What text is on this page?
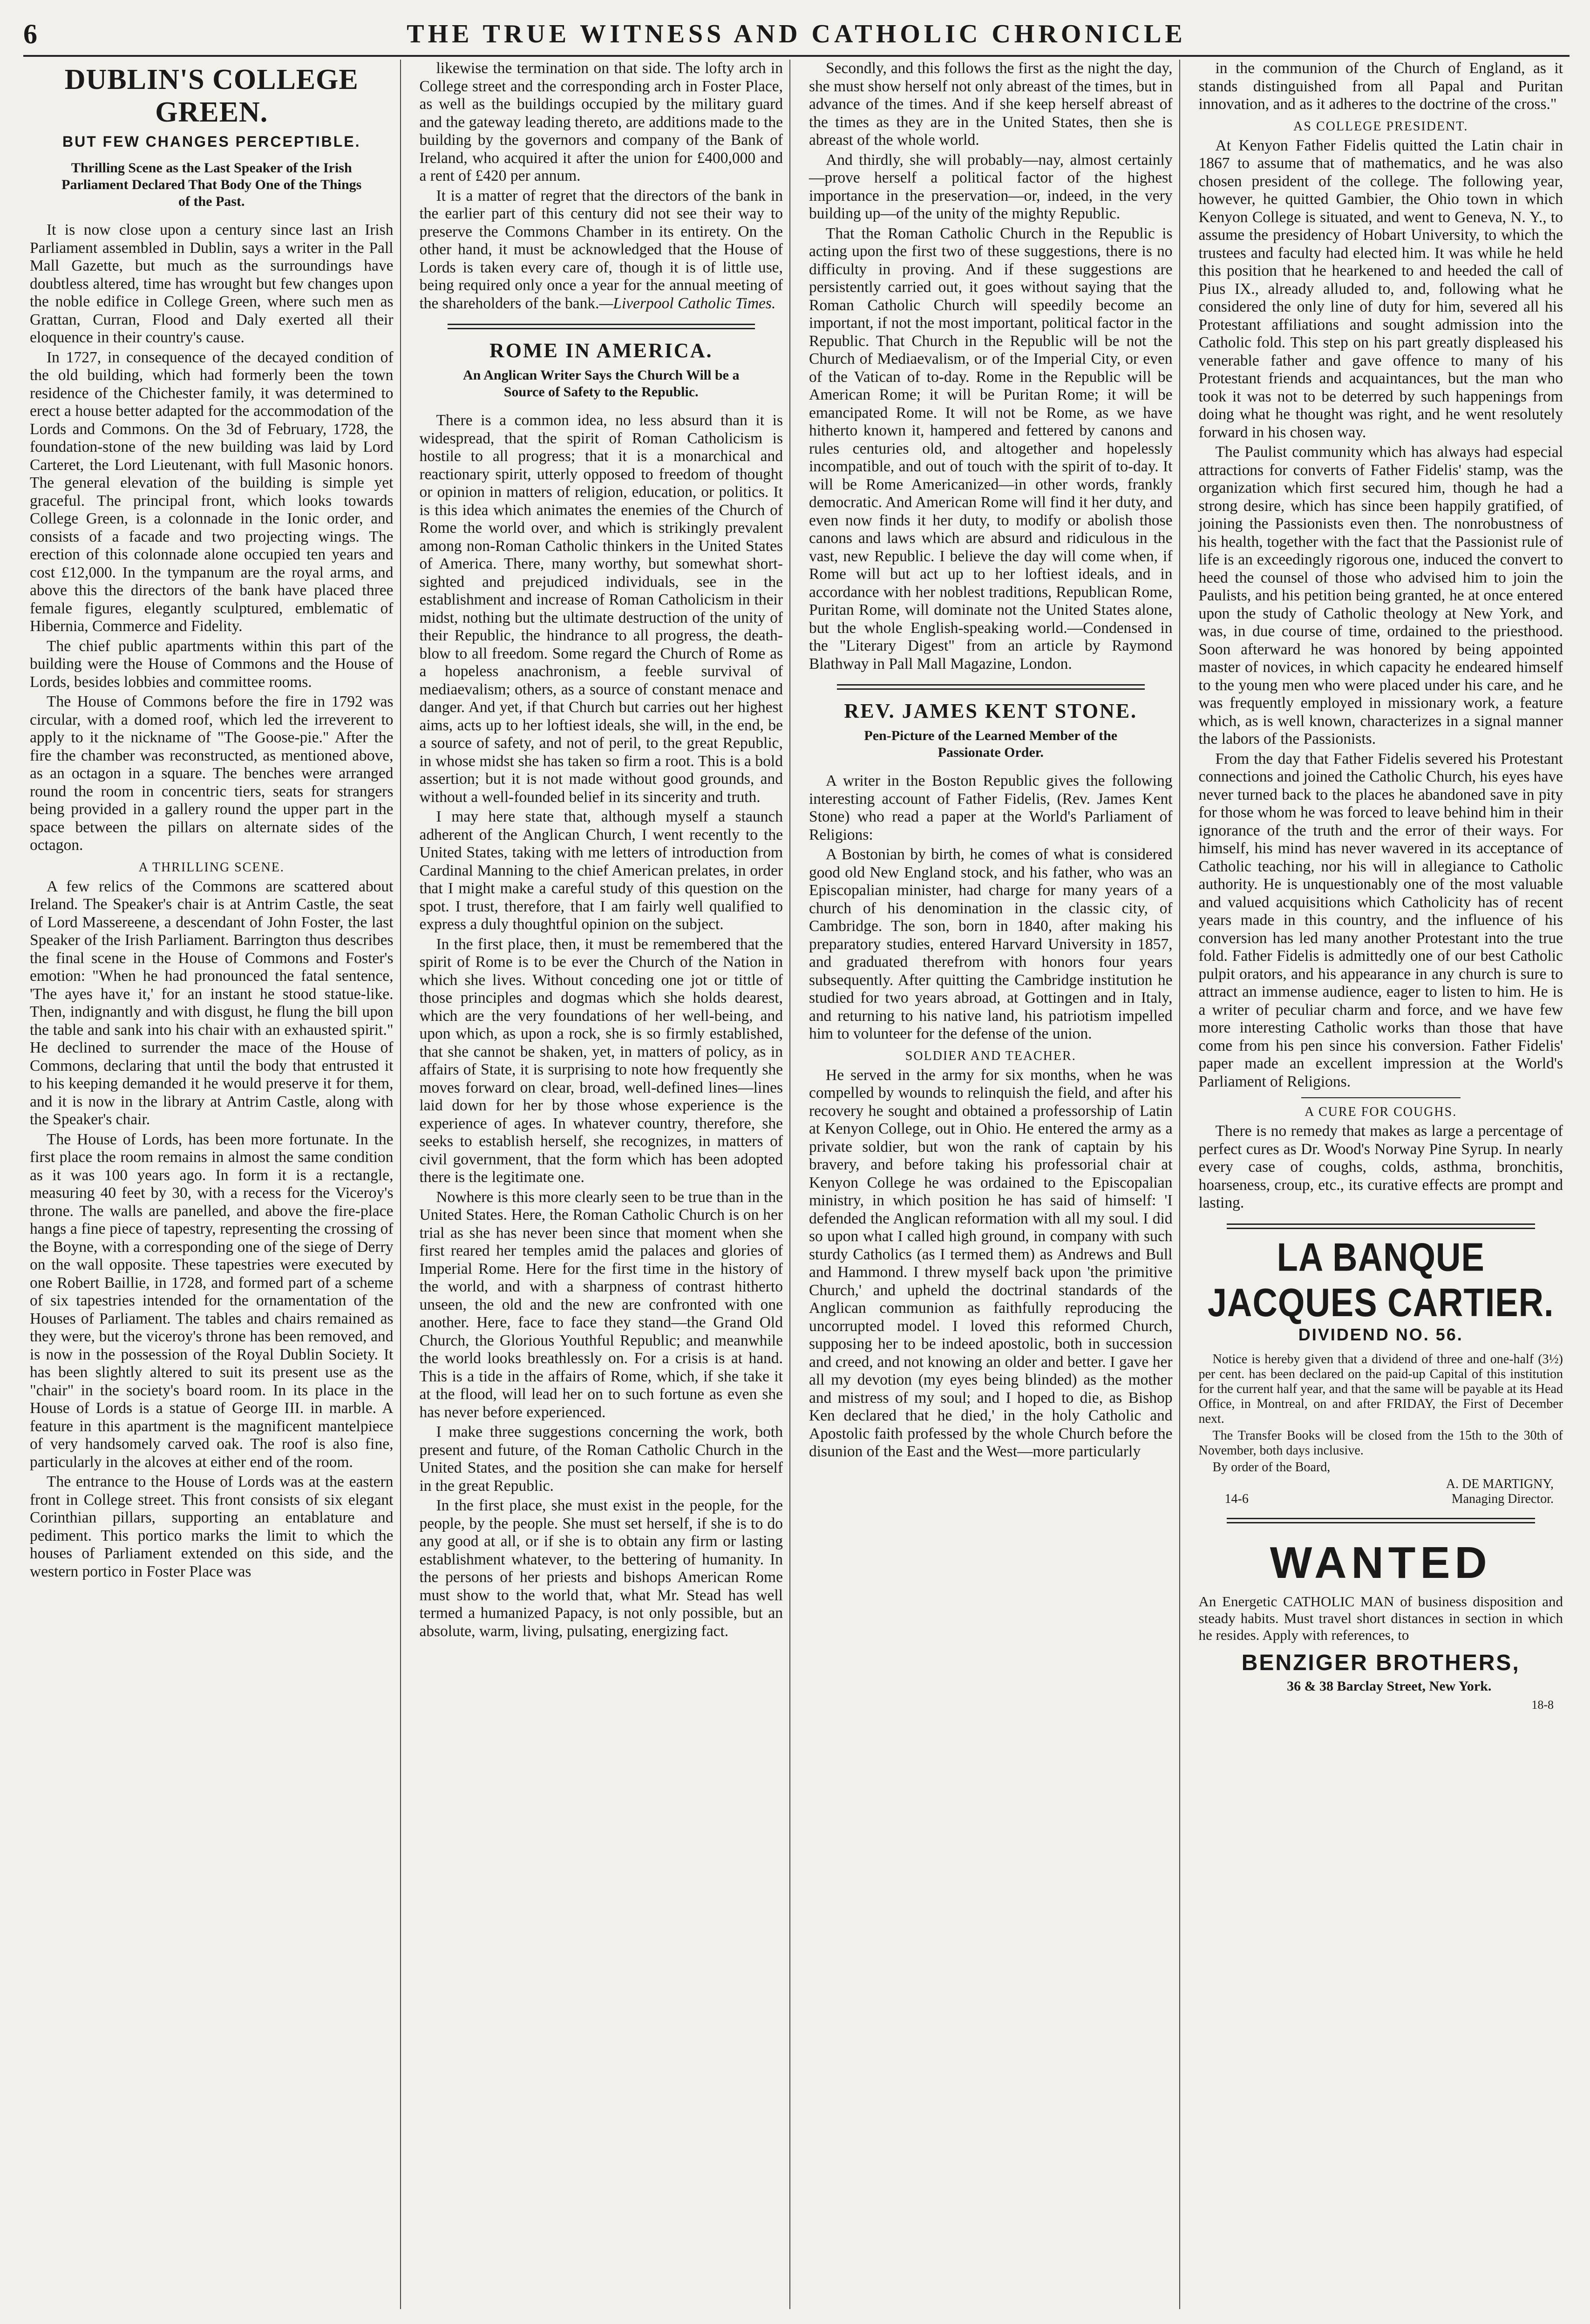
6	THE TRUE WITNESS AND CATHOLIC CHRONICLE
DUBLIN'S COLLEGE GREEN.
BUT FEW CHANGES PERCEPTIBLE.
Thrilling Scene as the Last Speaker of the Irish Parliament Declared That Body One of the Things of the Past.

It is now close upon a century since last an Irish Parliament assembled in Dublin, says a writer in the Pall Mall Gazette, but much as the surroundings have doubtless altered, time has wrought but few changes upon the noble edifice in College Green, where such men as Grattan, Curran, Flood and Daly exerted all their eloquence in their country's cause.

In 1727, in consequence of the decayed condition of the old building, which had formerly been the town residence of the Chichester family, it was determined to erect a house better adapted for the accommodation of the Lords and Commons. On the 3d of February, 1728, the foundation-stone of the new building was laid by Lord Carteret, the Lord Lieutenant, with full Masonic honors. The general elevation of the building is simple yet graceful. The principal front, which looks towards College Green, is a colonnade in the Ionic order, and consists of a facade and two projecting wings. The erection of this colonnade alone occupied ten years and cost £12,000. In the tympanum are the royal arms, and above this the directors of the bank have placed three female figures, elegantly sculptured, emblematic of Hibernia, Commerce and Fidelity.

The chief public apartments within this part of the building were the House of Commons and the House of Lords, besides lobbies and committee rooms.

The House of Commons before the fire in 1792 was circular, with a domed roof, which led the irreverent to apply to it the nickname of "The Goose-pie." After the fire the chamber was reconstructed, as mentioned above, as an octagon in a square. The benches were arranged round the room in concentric tiers, seats for strangers being provided in a gallery round the upper part in the space between the pillars on alternate sides of the octagon.

A THRILLING SCENE.

A few relics of the Commons are scattered about Ireland. The Speaker's chair is at Antrim Castle, the seat of Lord Massereene, a descendant of John Foster, the last Speaker of the Irish Parliament. Barrington thus describes the final scene in the House of Commons and Foster's emotion: "When he had pronounced the fatal sentence, 'The ayes have it,' for an instant he stood statue-like. Then, indignantly and with disgust, he flung the bill upon the table and sank into his chair with an exhausted spirit." He declined to surrender the mace of the House of Commons, declaring that until the body that entrusted it to his keeping demanded it he would preserve it for them, and it is now in the library at Antrim Castle, along with the Speaker's chair.

The House of Lords, has been more fortunate. In the first place the room remains in almost the same condition as it was 100 years ago. In form it is a rectangle, measuring 40 feet by 30, with a recess for the Viceroy's throne. The walls are panelled, and above the fire-place hangs a fine piece of tapestry, representing the crossing of the Boyne, with a corresponding one of the siege of Derry on the wall opposite. These tapestries were executed by one Robert Baillie, in 1728, and formed part of a scheme of six tapestries intended for the ornamentation of the Houses of Parliament. The tables and chairs remained as they were, but the viceroy's throne has been removed, and is now in the possession of the Royal Dublin Society. It has been slightly altered to suit its present use as the "chair" in the society's board room. In its place in the House of Lords is a statue of George III. in marble. A feature in this apartment is the magnificent mantelpiece of very handsomely carved oak. The roof is also fine, particularly in the alcoves at either end of the room.

The entrance to the House of Lords was at the eastern front in College street. This front consists of six elegant Corinthian pillars, supporting an entablature and pediment. This portico marks the limit to which the houses of Parliament extended on this side, and the western portico in Foster Place was

likewise the termination on that side. The lofty arch in College street and the corresponding arch in Foster Place, as well as the buildings occupied by the military guard and the gateway leading thereto, are additions made to the building by the governors and company of the Bank of Ireland, who acquired it after the union for £400,000 and a rent of £420 per annum.

It is a matter of regret that the directors of the bank in the earlier part of this century did not see their way to preserve the Commons Chamber in its entirety. On the other hand, it must be acknowledged that the House of Lords is taken every care of, though it is of little use, being required only once a year for the annual meeting of the shareholders of the bank.—Liverpool Catholic Times.

ROME IN AMERICA.
An Anglican Writer Says the Church Will be a Source of Safety to the Republic.

There is a common idea, no less absurd than it is widespread, that the spirit of Roman Catholicism is hostile to all progress; that it is a monarchical and reactionary spirit, utterly opposed to freedom of thought or opinion in matters of religion, education, or politics. It is this idea which animates the enemies of the Church of Rome the world over, and which is strikingly prevalent among non-Roman Catholic thinkers in the United States of America. There, many worthy, but somewhat short-sighted and prejudiced individuals, see in the establishment and increase of Roman Catholicism in their midst, nothing but the ultimate destruction of the unity of their Republic, the hindrance to all progress, the death-blow to all freedom. Some regard the Church of Rome as a hopeless anachronism, a feeble survival of mediaevalism; others, as a source of constant menace and danger. And yet, if that Church but carries out her highest aims, acts up to her loftiest ideals, she will, in the end, be a source of safety, and not of peril, to the great Republic, in whose midst she has taken so firm a root. This is a bold assertion; but it is not made without good grounds, and without a well-founded belief in its sincerity and truth.

I may here state that, although myself a staunch adherent of the Anglican Church, I went recently to the United States, taking with me letters of introduction from Cardinal Manning to the chief American prelates, in order that I might make a careful study of this question on the spot. I trust, therefore, that I am fairly well qualified to express a duly thoughtful opinion on the subject.

In the first place, then, it must be remembered that the spirit of Rome is to be ever the Church of the Nation in which she lives. Without conceding one jot or tittle of those principles and dogmas which she holds dearest, which are the very foundations of her well-being, and upon which, as upon a rock, she is so firmly established, that she cannot be shaken, yet, in matters of policy, as in affairs of State, it is surprising to note how frequently she moves forward on clear, broad, well-defined lines—lines laid down for her by those whose experience is the experience of ages. In whatever country, therefore, she seeks to establish herself, she recognizes, in matters of civil government, that the form which has been adopted there is the legitimate one.

Nowhere is this more clearly seen to be true than in the United States. Here, the Roman Catholic Church is on her trial as she has never been since that moment when she first reared her temples amid the palaces and glories of Imperial Rome. Here for the first time in the history of the world, and with a sharpness of contrast hitherto unseen, the old and the new are confronted with one another. Here, face to face they stand—the Grand Old Church, the Glorious Youthful Republic; and meanwhile the world looks breathlessly on. For a crisis is at hand. This is a tide in the affairs of Rome, which, if she take it at the flood, will lead her on to such fortune as even she has never before experienced.

I make three suggestions concerning the work, both present and future, of the Roman Catholic Church in the United States, and the position she can make for herself in the great Republic.

In the first place, she must exist in the people, for the people, by the people. She must set herself, if she is to do any good at all, or if she is to obtain any firm or lasting establishment whatever, to the bettering of humanity. In the persons of her priests and bishops American Rome must show to the world that, what Mr. Stead has well termed a humanized Papacy, is not only possible, but an absolute, warm, living, pulsating, energizing fact.

Secondly, and this follows the first as the night the day, she must show herself not only abreast of the times, but in advance of the times. And if she keep herself abreast of the times as they are in the United States, then she is abreast of the whole world.

And thirdly, she will probably—nay, almost certainly—prove herself a political factor of the highest importance in the preservation—or, indeed, in the very building up—of the unity of the mighty Republic.

That the Roman Catholic Church in the Republic is acting upon the first two of these suggestions, there is no difficulty in proving. And if these suggestions are persistently carried out, it goes without saying that the Roman Catholic Church will speedily become an important, if not the most important, political factor in the Republic. That Church in the Republic will be not the Church of Mediaevalism, or of the Imperial City, or even of the Vatican of to-day. Rome in the Republic will be American Rome; it will be Puritan Rome; it will be emancipated Rome. It will not be Rome, as we have hitherto known it, hampered and fettered by canons and rules centuries old, and altogether and hopelessly incompatible, and out of touch with the spirit of to-day. It will be Rome Americanized—in other words, frankly democratic. And American Rome will find it her duty, and even now finds it her duty, to modify or abolish those canons and laws which are absurd and ridiculous in the vast, new Republic. I believe the day will come when, if Rome will but act up to her loftiest ideals, and in accordance with her noblest traditions, Republican Rome, Puritan Rome, will dominate not the United States alone, but the whole English-speaking world.—Condensed in the "Literary Digest" from an article by Raymond Blathway in Pall Mall Magazine, London.

REV. JAMES KENT STONE.
Pen-Picture of the Learned Member of the Passionate Order.

A writer in the Boston Republic gives the following interesting account of Father Fidelis, (Rev. James Kent Stone) who read a paper at the World's Parliament of Religions:

A Bostonian by birth, he comes of what is considered good old New England stock, and his father, who was an Episcopalian minister, had charge for many years of a church of his denomination in the classic city, of Cambridge. The son, born in 1840, after making his preparatory studies, entered Harvard University in 1857, and graduated therefrom with honors four years subsequently. After quitting the Cambridge institution he studied for two years abroad, at Gottingen and in Italy, and returning to his native land, his patriotism impelled him to volunteer for the defense of the union.

SOLDIER AND TEACHER.

He served in the army for six months, when he was compelled by wounds to relinquish the field, and after his recovery he sought and obtained a professorship of Latin at Kenyon College, out in Ohio. He entered the army as a private soldier, but won the rank of captain by his bravery, and before taking his professorial chair at Kenyon College he was ordained to the Episcopalian ministry, in which position he has said of himself: 'I defended the Anglican reformation with all my soul. I did so upon what I called high ground, in company with such sturdy Catholics (as I termed them) as Andrews and Bull and Hammond. I threw myself back upon 'the primitive Church,' and upheld the doctrinal standards of the Anglican communion as faithfully reproducing the uncorrupted model. I loved this reformed Church, supposing her to be indeed apostolic, both in succession and creed, and not knowing an older and better. I gave her all my devotion (my eyes being blinded) as the mother and mistress of my soul; and I hoped to die, as Bishop Ken declared that he died,' in the holy Catholic and Apostolic faith professed by the whole Church before the disunion of the East and the West—more particularly

in the communion of the Church of England, as it stands distinguished from all Papal and Puritan innovation, and as it adheres to the doctrine of the cross."

AS COLLEGE PRESIDENT.

At Kenyon Father Fidelis quitted the Latin chair in 1867 to assume that of mathematics, and he was also chosen president of the college. The following year, however, he quitted Gambier, the Ohio town in which Kenyon College is situated, and went to Geneva, N. Y., to assume the presidency of Hobart University, to which the trustees and faculty had elected him. It was while he held this position that he hearkened to and heeded the call of Pius IX., already alluded to, and, following what he considered the only line of duty for him, severed all his Protestant affiliations and sought admission into the Catholic fold. This step on his part greatly displeased his venerable father and gave offence to many of his Protestant friends and acquaintances, but the man who took it was not to be deterred by such happenings from doing what he thought was right, and he went resolutely forward in his chosen way.

The Paulist community which has always had especial attractions for converts of Father Fidelis' stamp, was the organization which first secured him, though he had a strong desire, which has since been happily gratified, of joining the Passionists even then. The nonrobustness of his health, together with the fact that the Passionist rule of life is an exceedingly rigorous one, induced the convert to heed the counsel of those who advised him to join the Paulists, and his petition being granted, he at once entered upon the study of Catholic theology at New York, and was, in due course of time, ordained to the priesthood. Soon afterward he was honored by being appointed master of novices, in which capacity he endeared himself to the young men who were placed under his care, and he was frequently employed in missionary work, a feature which, as is well known, characterizes in a signal manner the labors of the Passionists.

From the day that Father Fidelis severed his Protestant connections and joined the Catholic Church, his eyes have never turned back to the places he abandoned save in pity for those whom he was forced to leave behind him in their ignorance of the truth and the error of their ways. For himself, his mind has never wavered in its acceptance of Catholic teaching, nor his will in allegiance to Catholic authority. He is unquestionably one of the most valuable and valued acquisitions which Catholicity has of recent years made in this country, and the influence of his conversion has led many another Protestant into the true fold. Father Fidelis is admittedly one of our best Catholic pulpit orators, and his appearance in any church is sure to attract an immense audience, eager to listen to him. He is a writer of peculiar charm and force, and we have few more interesting Catholic works than those that have come from his pen since his conversion. Father Fidelis' paper made an excellent impression at the World's Parliament of Religions.

A CURE FOR COUGHS.

There is no remedy that makes as large a percentage of perfect cures as Dr. Wood's Norway Pine Syrup. In nearly every case of coughs, colds, asthma, bronchitis, hoarseness, croup, etc., its curative effects are prompt and lasting.

LA BANQUE JACQUES CARTIER.
DIVIDEND NO. 56.

Notice is hereby given that a dividend of three and one-half (3½) per cent. has been declared on the paid-up Capital of this institution for the current half year, and that the same will be payable at its Head Office, in Montreal, on and after FRIDAY, the First of December next.

The Transfer Books will be closed from the 15th to the 30th of November, both days inclusive.

By order of the Board,

A. DE MARTIGNY,

14-6	Managing Director.

WANTED

An Energetic CATHOLIC MAN of business disposition and steady habits. Must travel short distances in section in which he resides. Apply with references, to

BENZIGER BROTHERS,

36 & 38 Barclay Street, New York.

18-8
